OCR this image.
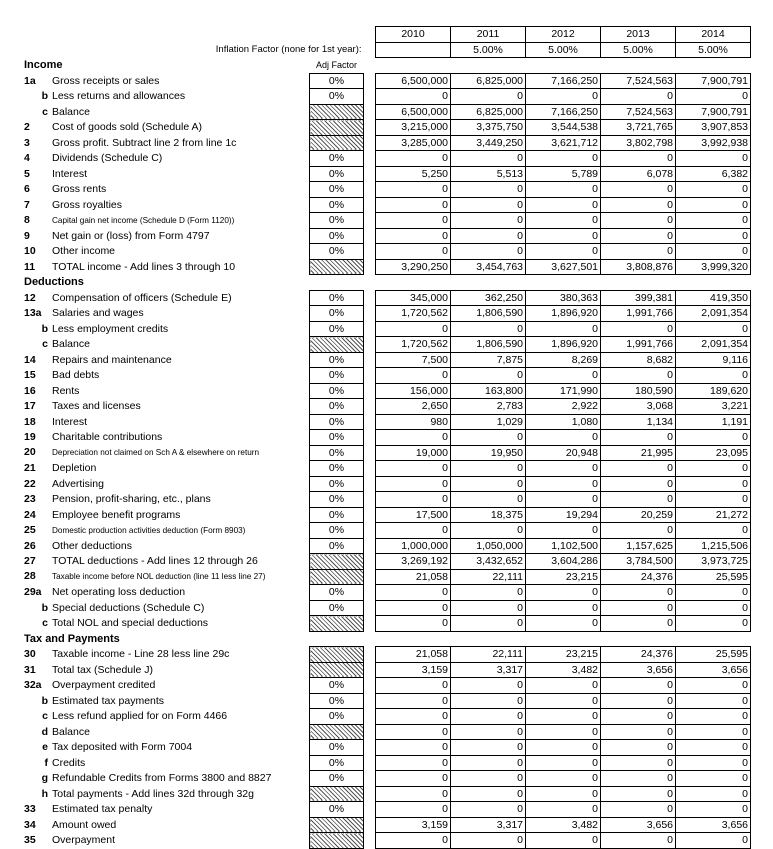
			2010	2011	2012	2013	2014
Inflation Factor (none for 1st year):				5.00%	5.00%	5.00%	5.00%
Income	Adj Factor						
1a Gross receipts or sales	0%		6,500,000	6,825,000	7,166,250	7,524,563	7,900,791
b Less returns and allowances	0%		0	0	0	0	0
c Balance			6,500,000	6,825,000	7,166,250	7,524,563	7,900,791
2 Cost of goods sold (Schedule A)			3,215,000	3,375,750	3,544,538	3,721,765	3,907,853
3 Gross profit. Subtract line 2 from line 1c			3,285,000	3,449,250	3,621,712	3,802,798	3,992,938
4 Dividends (Schedule C)	0%		0	0	0	0	0
5 Interest	0%		5,250	5,513	5,789	6,078	6,382
6 Gross rents	0%		0	0	0	0	0
7 Gross royalties	0%		0	0	0	0	0
8 Capital gain net income (Schedule D (Form 1120))	0%		0	0	0	0	0
9 Net gain or (loss) from Form 4797	0%		0	0	0	0	0
10 Other income	0%		0	0	0	0	0
11 TOTAL income - Add lines 3 through 10			3,290,250	3,454,763	3,627,501	3,808,876	3,999,320
Deductions							
12 Compensation of officers (Schedule E)	0%		345,000	362,250	380,363	399,381	419,350
13a Salaries and wages	0%		1,720,562	1,806,590	1,896,920	1,991,766	2,091,354
b Less employment credits	0%		0	0	0	0	0
c Balance			1,720,562	1,806,590	1,896,920	1,991,766	2,091,354
14 Repairs and maintenance	0%		7,500	7,875	8,269	8,682	9,116
15 Bad debts	0%		0	0	0	0	0
16 Rents	0%		156,000	163,800	171,990	180,590	189,620
17 Taxes and licenses	0%		2,650	2,783	2,922	3,068	3,221
18 Interest	0%		980	1,029	1,080	1,134	1,191
19 Charitable contributions	0%		0	0	0	0	0
20 Depreciation not claimed on Sch A & elsewhere on return	0%		19,000	19,950	20,948	21,995	23,095
21 Depletion	0%		0	0	0	0	0
22 Advertising	0%		0	0	0	0	0
23 Pension, profit-sharing, etc., plans	0%		0	0	0	0	0
24 Employee benefit programs	0%		17,500	18,375	19,294	20,259	21,272
25 Domestic production activities deduction (Form 8903)	0%		0	0	0	0	0
26 Other deductions	0%		1,000,000	1,050,000	1,102,500	1,157,625	1,215,506
27 TOTAL deductions - Add lines 12 through 26			3,269,192	3,432,652	3,604,286	3,784,500	3,973,725
28 Taxable income before NOL deduction (line 11 less line 27)			21,058	22,111	23,215	24,376	25,595
29a Net operating loss deduction	0%		0	0	0	0	0
b Special deductions (Schedule C)	0%		0	0	0	0	0
c Total NOL and special deductions			0	0	0	0	0
Tax and Payments							
30 Taxable income - Line 28 less line 29c			21,058	22,111	23,215	24,376	25,595
31 Total tax (Schedule J)			3,159	3,317	3,482	3,656	3,656
32a Overpayment credited	0%		0	0	0	0	0
b Estimated tax payments	0%		0	0	0	0	0
c Less refund applied for on Form 4466	0%		0	0	0	0	0
d Balance			0	0	0	0	0
e Tax deposited with Form 7004	0%		0	0	0	0	0
f Credits	0%		0	0	0	0	0
g Refundable Credits from Forms 3800 and 8827	0%		0	0	0	0	0
h Total payments - Add lines 32d through 32g			0	0	0	0	0
33 Estimated tax penalty	0%		0	0	0	0	0
34 Amount owed			3,159	3,317	3,482	3,656	3,656
35 Overpayment			0	0	0	0	0
